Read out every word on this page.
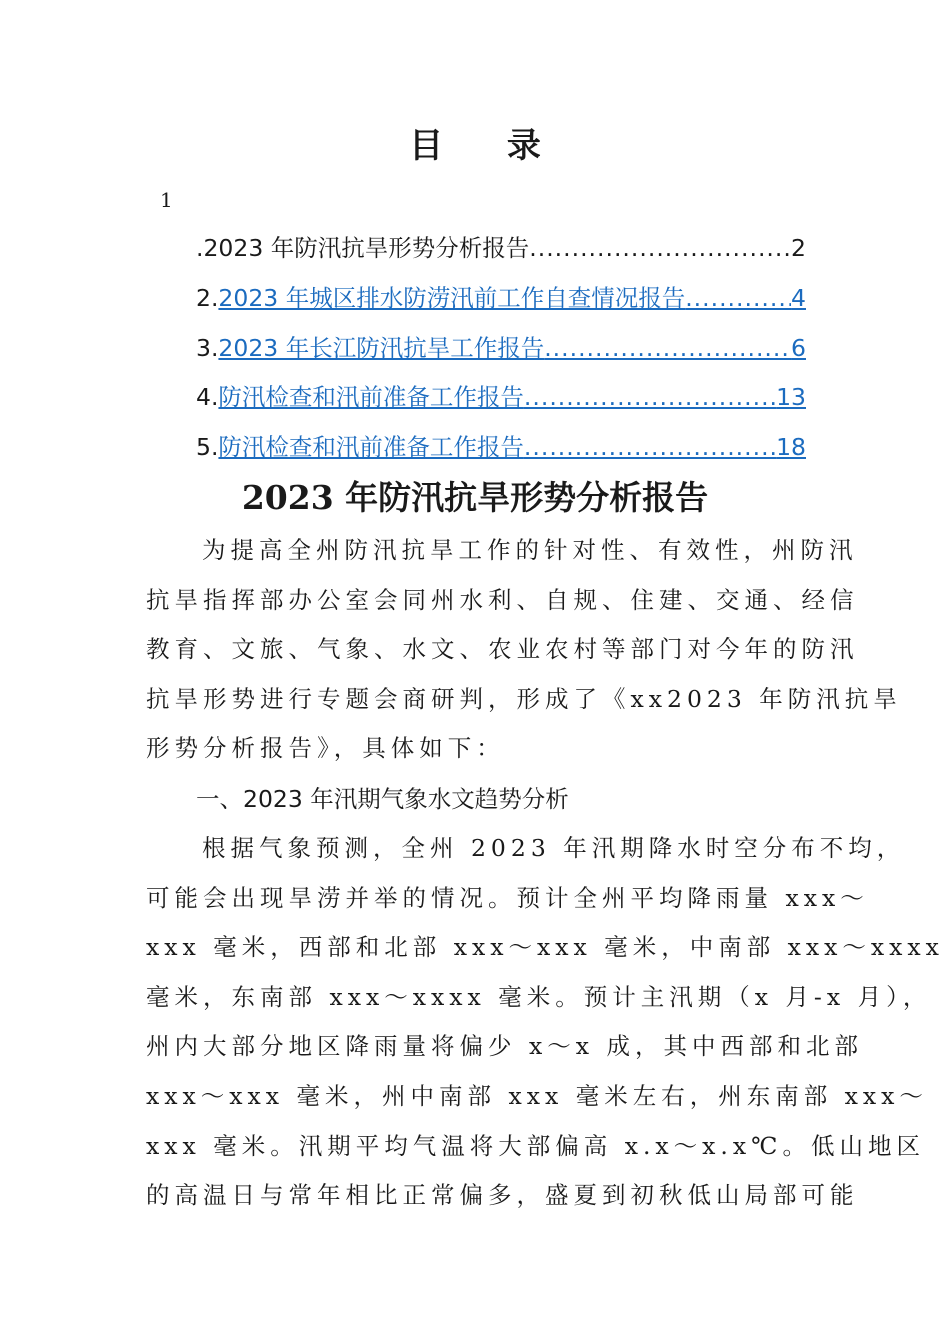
目 录
1
. 2023 年防汛抗旱形势分析报告 .....	2
2. 2023 年城区排水防涝汛前工作自查情况报告 .....	4
3. 2023 年长江防汛抗旱工作报告 .....	6
4. 防汛检查和汛前准备工作报告 .....	13
5. 防汛检查和汛前准备工作报告 .....	18
2023 年防汛抗旱形势分析报告
为提高全州防汛抗旱工作的针对性、有效性，州防汛
抗旱指挥部办公室会同州水利、自规、住建、交通、经信
教育、文旅、气象、水文、农业农村等部门对今年的防汛
抗旱形势进行专题会商研判，形成了《xx2023 年防汛抗旱
形势分析报告》，具体如下：
一、2023 年汛期气象水文趋势分析
根据气象预测，全州 2023 年汛期降水时空分布不均，
可能会出现旱涝并举的情况。预计全州平均降雨量 xxx～
xxx 毫米，西部和北部 xxx～xxx 毫米，中南部 xxx～xxxx
毫米，东南部 xxx～xxxx 毫米。预计主汛期（x 月-x 月），
州内大部分地区降雨量将偏少 x～x 成，其中西部和北部
xxx～xxx 毫米，州中南部 xxx 毫米左右，州东南部 xxx～
xxx 毫米。汛期平均气温将大部偏高 x.x～x.x℃。低山地区
的高温日与常年相比正常偏多，盛夏到初秋低山局部可能
